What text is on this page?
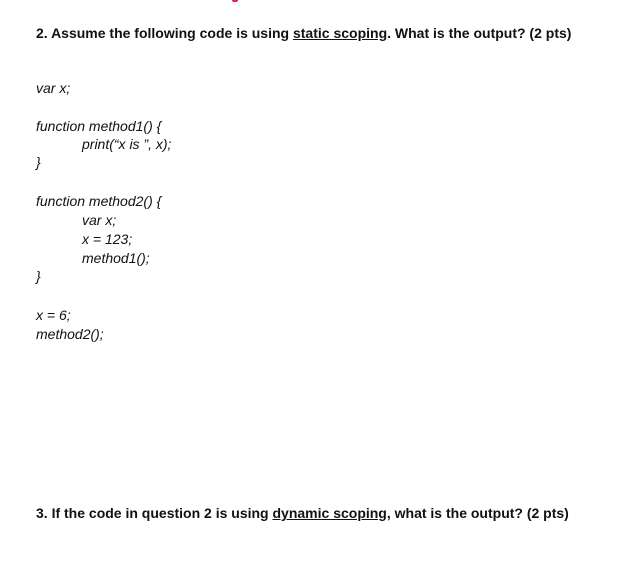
2. Assume the following code is using static scoping. What is the output? (2 pts)

var x;
function method1() {
print(“x is ”, x);
}
function method2() {
var x;
x = 123;
method1();
}
x = 6;
method2();

3. If the code in question 2 is using dynamic scoping, what is the output? (2 pts)
